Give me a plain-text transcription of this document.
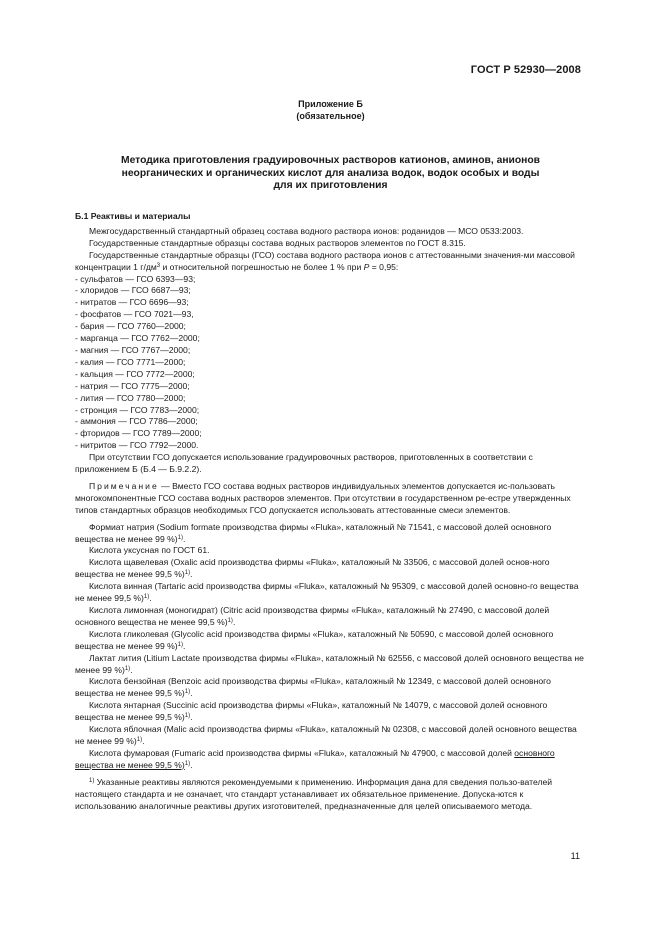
ГОСТ Р 52930—2008
Приложение Б
(обязательное)
Методика приготовления градуировочных растворов катионов, аминов, анионов
неорганических и органических кислот для анализа водок, водок особых и воды
для их приготовления

Б.1 Реактивы и материалы

Межгосударственный стандартный образец состава водного раствора ионов: роданидов — МСО 0533:2003.

Государственные стандартные образцы состава водных растворов элементов по ГОСТ 8.315.

Государственные стандартные образцы (ГСО) состава водного раствора ионов с аттестованными значения-ми массовой концентрации 1 $г/дм^3$ и относительной погрешностью не более 1 % при P = 0,95:

- сульфатов — ГСО 6393—93;
- хлоридов — ГСО 6687—93;
- нитратов — ГСО 6696—93;
- фосфатов — ГСО 7021—93,
- бария — ГСО 7760—2000;
- марганца — ГСО 7762—2000;
- магния — ГСО 7767—2000;
- калия — ГСО 7771—2000;
- кальция — ГСО 7772—2000;
- натрия — ГСО 7775—2000;
- лития — ГСО 7780—2000;
- стронция — ГСО 7783—2000;
- аммония — ГСО 7786—2000;
- фторидов — ГСО 7789—2000;
- нитритов — ГСО 7792—2000.

При отсутствии ГСО допускается использование градуировочных растворов, приготовленных в соответствии с приложением Б (Б.4 — Б.9.2.2).

Примечание — Вместо ГСО состава водных растворов индивидуальных элементов допускается ис-пользовать многокомпонентные ГСО состава водных растворов элементов. При отсутствии в государственном ре-естре утвержденных типов стандартных образцов необходимых ГСО допускается использовать аттестованные смеси элементов.

Формиат натрия (Sodium formate производства фирмы «Fluka», каталожный № 71541, с массовой долей основного вещества не менее 99 %)$^{1)}$.

Кислота уксусная по ГОСТ 61.

Кислота щавелевая (Oxalic acid производства фирмы «Fluka», каталожный № 33506, с массовой долей основ-ного вещества не менее 99,5 %)$^{1)}$.

Кислота винная (Tartaric acid производства фирмы «Fluka», каталожный № 95309, с массовой долей основно-го вещества не менее 99,5 %)$^{1)}$.

Кислота лимонная (моногидрат) (Citric acid производства фирмы «Fluka», каталожный № 27490, с массовой долей основного вещества не менее 99,5 %)$^{1)}$.

Кислота гликолевая (Glycolic acid производства фирмы «Fluka», каталожный № 50590, с массовой долей основного вещества не менее 99 %)$^{1)}$.

Лактат лития (Litium Lactate производства фирмы «Fluka», каталожный № 62556, с массовой долей основного вещества не менее 99 %)$^{1)}$.

Кислота бензойная (Benzoic acid производства фирмы «Fluka», каталожный № 12349, с массовой долей основного вещества не менее 99,5 %)$^{1)}$.

Кислота янтарная (Succinic acid производства фирмы «Fluka», каталожный № 14079, с массовой долей основного вещества не менее 99,5 %)$^{1)}$.

Кислота яблочная (Malic acid производства фирмы «Fluka», каталожный № 02308, с массовой долей основного вещества не менее 99 %)$^{1)}$.

Кислота фумаровая (Fumaric acid производства фирмы «Fluka», каталожный № 47900, с массовой долей основного вещества не менее 99,5 %)$^{1)}$.

$^{1)}$ Указанные реактивы являются рекомендуемыми к применению. Информация дана для сведения пользо-вателей настоящего стандарта и не означает, что стандарт устанавливает их обязательное применение. Допуска-ются к использованию аналогичные реактивы других изготовителей, предназначенные для целей описываемого метода.

11
